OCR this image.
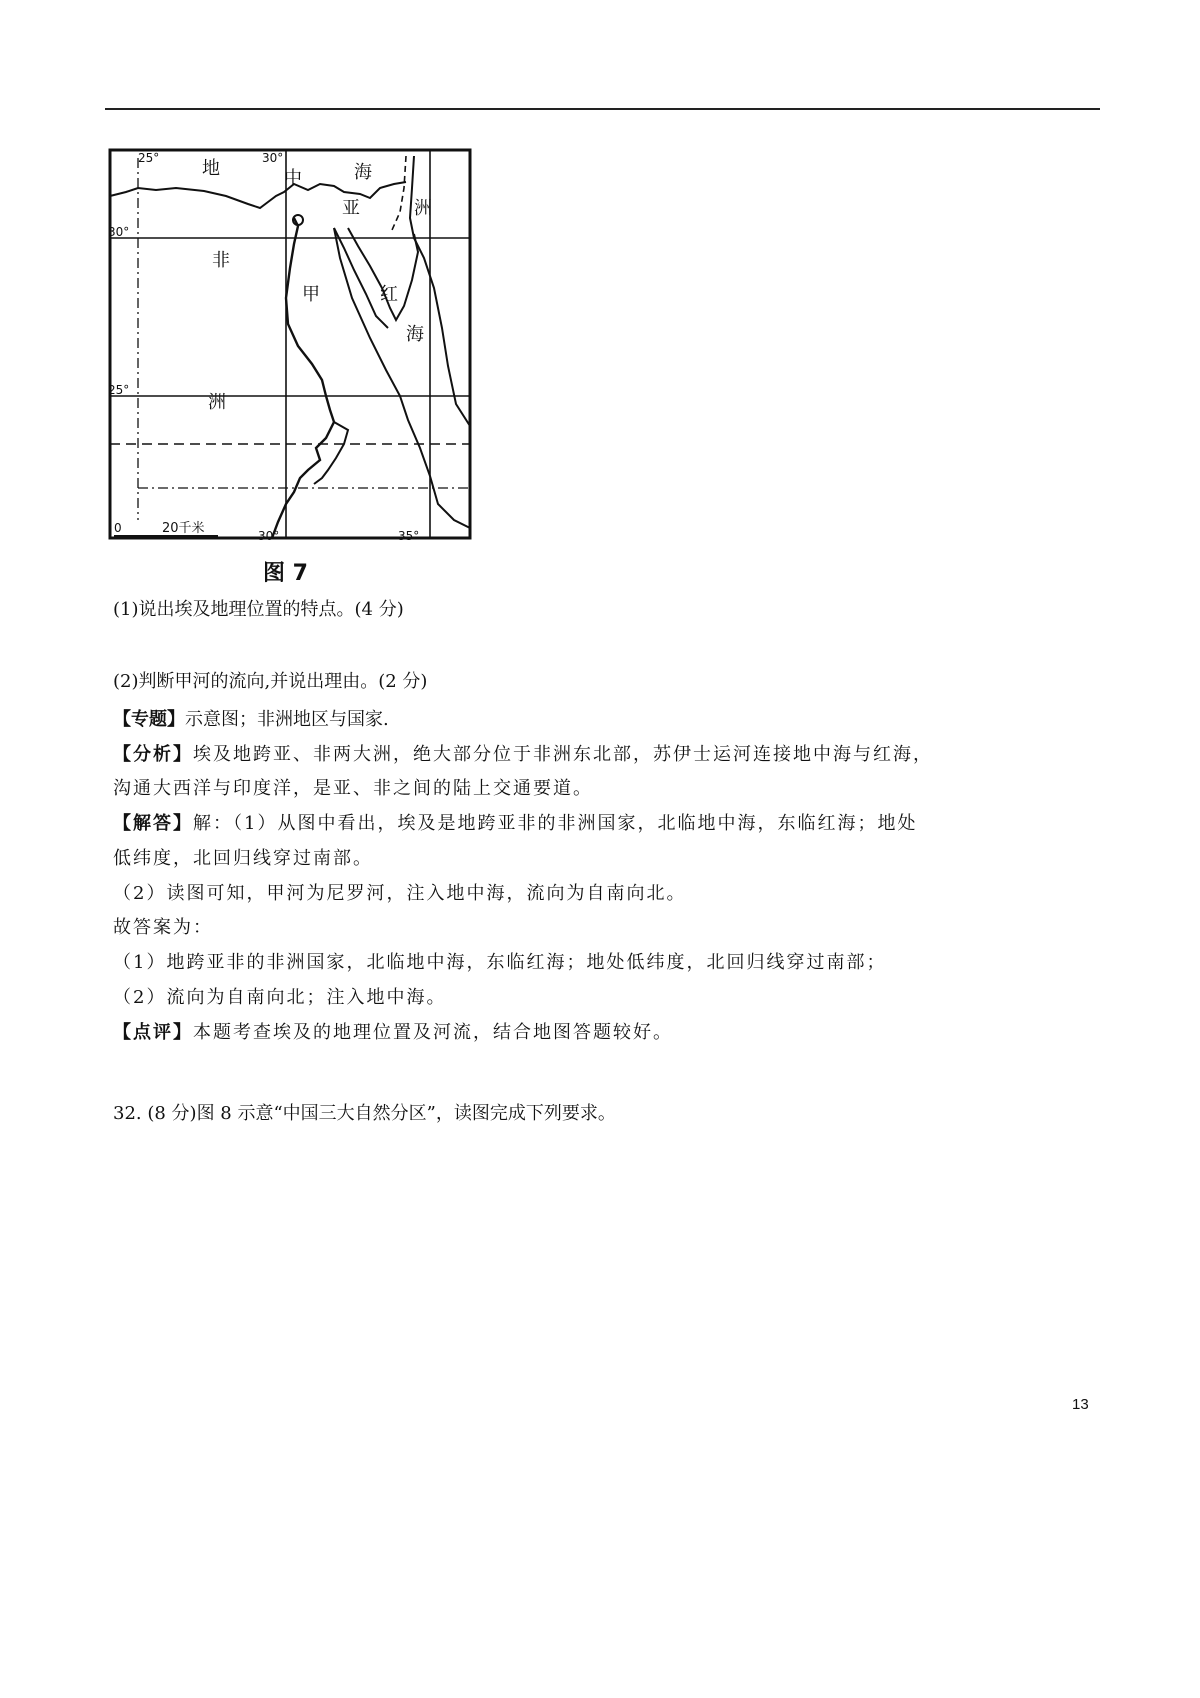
地	中	海
亚	洲
非
甲	红
海
洲
25°	30°
30°
25°
30°	35°
0	20千米
图 7
(1)说出埃及地理位置的特点。(4 分)
(2)判断甲河的流向,并说出理由。(2 分)
【专题】示意图；非洲地区与国家.
【分析】埃及地跨亚、非两大洲，绝大部分位于非洲东北部，苏伊士运河连接地中海与红海，
沟通大西洋与印度洋，是亚、非之间的陆上交通要道。
【解答】解：（1）从图中看出，埃及是地跨亚非的非洲国家，北临地中海，东临红海；地处
低纬度，北回归线穿过南部。
（2）读图可知，甲河为尼罗河，注入地中海，流向为自南向北。
故答案为：
（1）地跨亚非的非洲国家，北临地中海，东临红海；地处低纬度，北回归线穿过南部；
（2）流向为自南向北；注入地中海。
【点评】本题考查埃及的地理位置及河流，结合地图答题较好。
32. (8 分)图 8 示意“中国三大自然分区”，读图完成下列要求。
13
